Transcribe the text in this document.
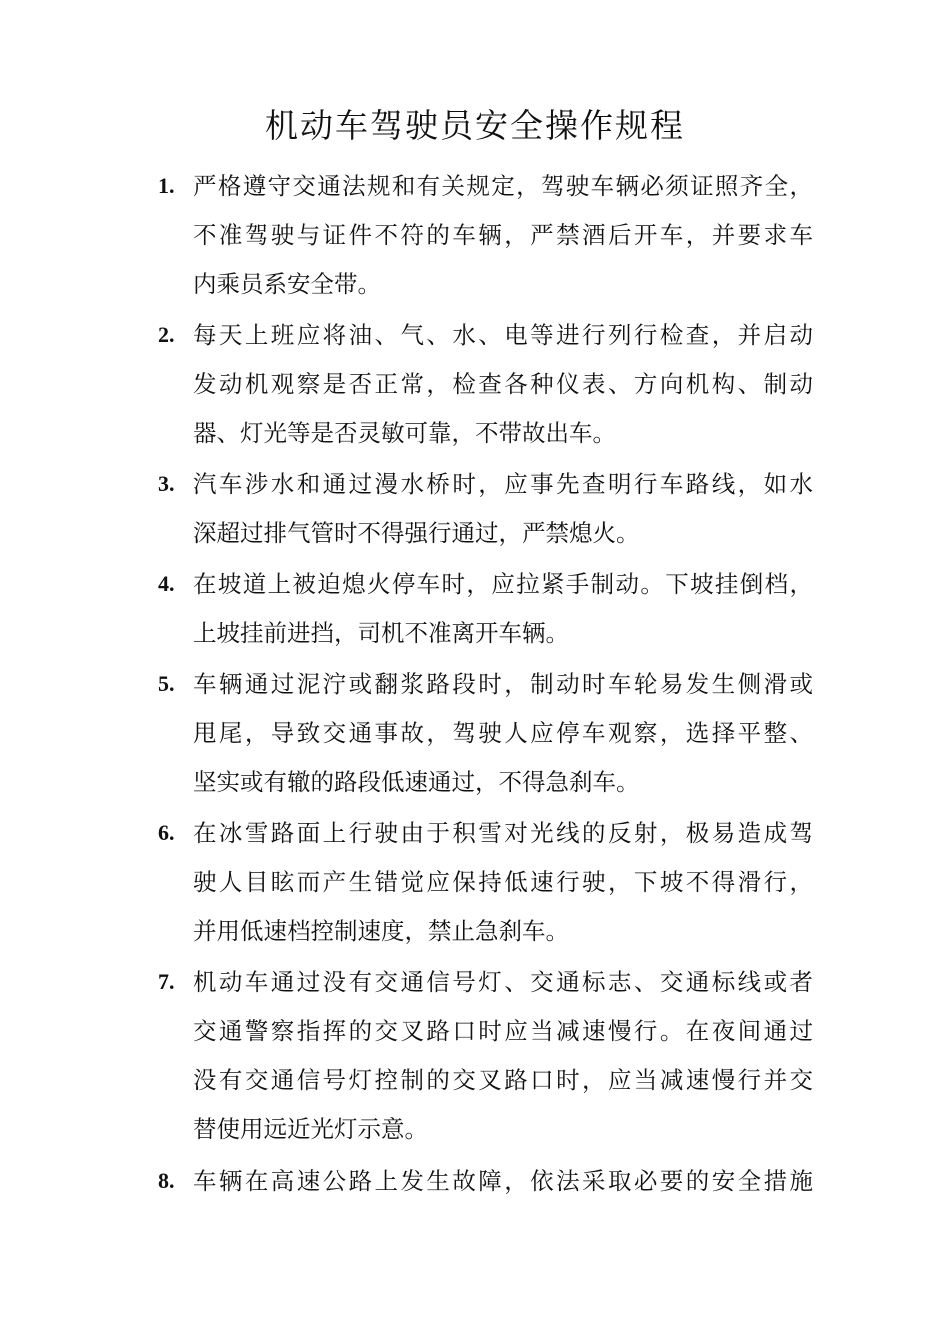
机动车驾驶员安全操作规程
1. 严格遵守交通法规和有关规定，驾驶车辆必须证照齐全，
不准驾驶与证件不符的车辆，严禁酒后开车，并要求车
内乘员系安全带。
2. 每天上班应将油、气、水、电等进行列行检查，并启动
发动机观察是否正常，检查各种仪表、方向机构、制动
器、灯光等是否灵敏可靠，不带故出车。
3. 汽车涉水和通过漫水桥时，应事先查明行车路线，如水
深超过排气管时不得强行通过，严禁熄火。
4. 在坡道上被迫熄火停车时，应拉紧手制动。下坡挂倒档，
上坡挂前进挡，司机不准离开车辆。
5. 车辆通过泥泞或翻浆路段时，制动时车轮易发生侧滑或
甩尾，导致交通事故，驾驶人应停车观察，选择平整、
坚实或有辙的路段低速通过，不得急刹车。
6. 在冰雪路面上行驶由于积雪对光线的反射，极易造成驾
驶人目眩而产生错觉应保持低速行驶，下坡不得滑行，
并用低速档控制速度，禁止急刹车。
7. 机动车通过没有交通信号灯、交通标志、交通标线或者
交通警察指挥的交叉路口时应当减速慢行。在夜间通过
没有交通信号灯控制的交叉路口时，应当减速慢行并交
替使用远近光灯示意。
8. 车辆在高速公路上发生故障，依法采取必要的安全措施
